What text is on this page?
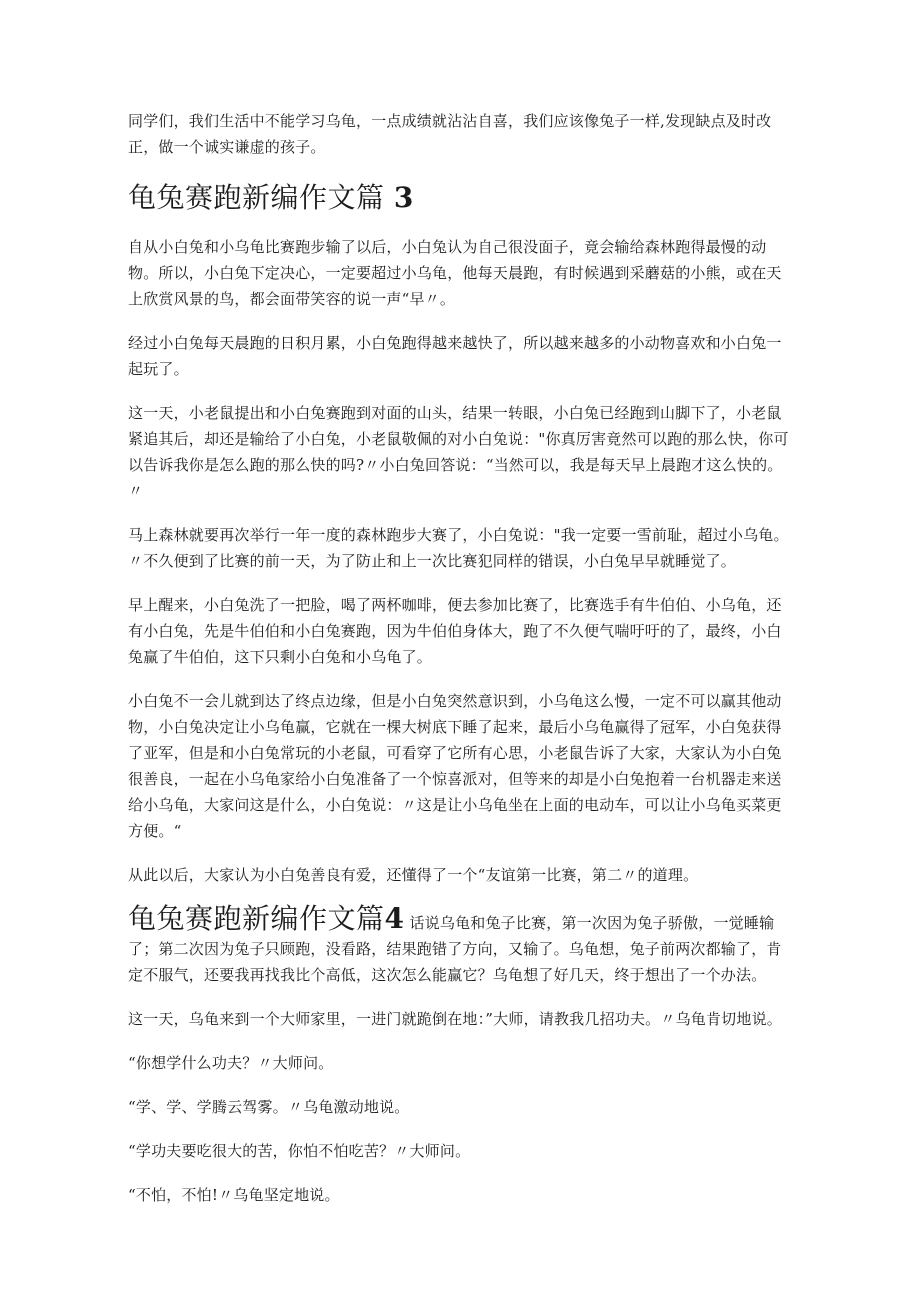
同学们，我们生活中不能学习乌龟，一点成绩就沾沾自喜，我们应该像兔子一样,发现缺点及时改正，做一个诚实谦虚的孩子。

龟兔赛跑新编作文篇 3

自从小白兔和小乌龟比赛跑步输了以后，小白兔认为自己很没面子，竟会输给森林跑得最慢的动物。所以，小白兔下定决心，一定要超过小乌龟，他每天晨跑，有时候遇到采蘑菇的小熊，或在天上欣赏风景的鸟，都会面带笑容的说一声“早〃。

经过小白兔每天晨跑的日积月累，小白兔跑得越来越快了，所以越来越多的小动物喜欢和小白兔一起玩了。

这一天，小老鼠提出和小白兔赛跑到对面的山头，结果一转眼，小白兔已经跑到山脚下了，小老鼠紧追其后，却还是输给了小白兔，小老鼠敬佩的对小白兔说："你真厉害竟然可以跑的那么快，你可以告诉我你是怎么跑的那么快的吗?〃小白兔回答说：“当然可以，我是每天早上晨跑才这么快的。〃

马上森林就要再次举行一年一度的森林跑步大赛了，小白兔说："我一定要一雪前耻，超过小乌龟。〃不久便到了比赛的前一天，为了防止和上一次比赛犯同样的错误，小白兔早早就睡觉了。

早上醒来，小白兔洗了一把脸，喝了两杯咖啡，便去参加比赛了，比赛选手有牛伯伯、小乌龟，还有小白兔，先是牛伯伯和小白兔赛跑，因为牛伯伯身体大，跑了不久便气喘吁吁的了，最终，小白兔赢了牛伯伯，这下只剩小白兔和小乌龟了。

小白兔不一会儿就到达了终点边缘，但是小白兔突然意识到，小乌龟这么慢，一定不可以赢其他动物，小白兔决定让小乌龟赢，它就在一棵大树底下睡了起来，最后小乌龟赢得了冠军，小白兔获得了亚军，但是和小白兔常玩的小老鼠，可看穿了它所有心思，小老鼠告诉了大家，大家认为小白兔很善良，一起在小乌龟家给小白兔准备了一个惊喜派对，但等来的却是小白兔抱着一台机器走来送给小乌龟，大家问这是什么，小白兔说：〃这是让小乌龟坐在上面的电动车，可以让小乌龟买菜更方便。“

从此以后，大家认为小白兔善良有爱，还懂得了一个“友谊第一比赛，第二〃的道理。

龟兔赛跑新编作文篇4 话说乌龟和兔子比赛，第一次因为兔子骄傲，一觉睡输了；第二次因为兔子只顾跑，没看路，结果跑错了方向，又输了。乌龟想，兔子前两次都输了，肯定不服气，还要我再找我比个高低，这次怎么能赢它？乌龟想了好几天，终于想出了一个办法。

这一天，乌龟来到一个大师家里，一进门就跪倒在地：”大师，请教我几招功夫。〃乌龟肯切地说。

“你想学什么功夫？〃大师问。

“学、学、学腾云驾雾。〃乌龟激动地说。

“学功夫要吃很大的苦，你怕不怕吃苦？〃大师问。

“不怕，不怕!〃乌龟坚定地说。
